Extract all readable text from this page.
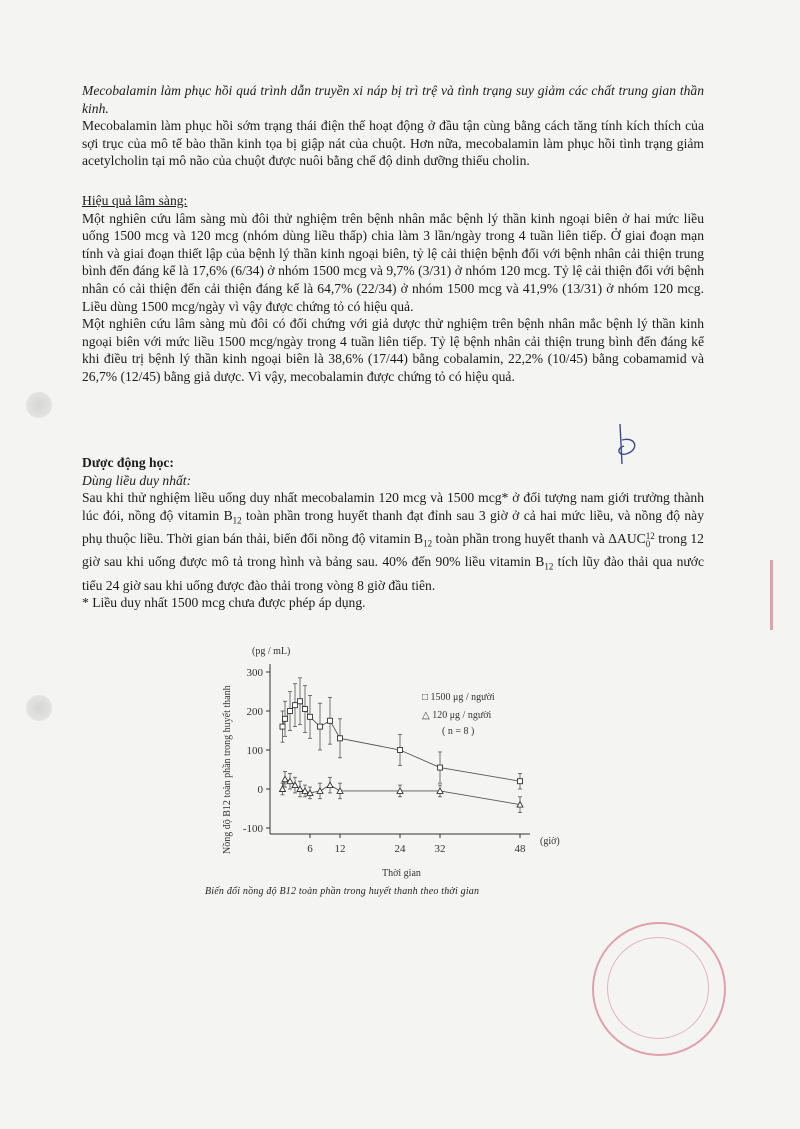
Mecobalamin làm phục hồi quá trình dẫn truyền xi náp bị trì trệ và tình trạng suy giảm các chất trung gian thần kinh.

Mecobalamin làm phục hồi sớm trạng thái điện thế hoạt động ở đầu tận cùng bằng cách tăng tính kích thích của sợi trục của mô tế bào thần kinh tọa bị giập nát của chuột. Hơn nữa, mecobalamin làm phục hồi tình trạng giảm acetylcholin tại mô não của chuột được nuôi bằng chế độ dinh dưỡng thiếu cholin.

Hiệu quả lâm sàng:

Một nghiên cứu lâm sàng mù đôi thử nghiệm trên bệnh nhân mắc bệnh lý thần kinh ngoại biên ở hai mức liều uống 1500 mcg và 120 mcg (nhóm dùng liều thấp) chia làm 3 lần/ngày trong 4 tuần liên tiếp. Ở giai đoạn mạn tính và giai đoạn thiết lập của bệnh lý thần kinh ngoại biên, tỷ lệ cải thiện bệnh đối với bệnh nhân cải thiện trung bình đến đáng kể là 17,6% (6/34) ở nhóm 1500 mcg và 9,7% (3/31) ở nhóm 120 mcg. Tỷ lệ cải thiện đối với bệnh nhân có cải thiện đến cải thiện đáng kể là 64,7% (22/34) ở nhóm 1500 mcg và 41,9% (13/31) ở nhóm 120 mcg. Liều dùng 1500 mcg/ngày vì vậy được chứng tỏ có hiệu quả.

Một nghiên cứu lâm sàng mù đôi có đối chứng với giả dược thử nghiệm trên bệnh nhân mắc bệnh lý thần kinh ngoại biên với mức liều 1500 mcg/ngày trong 4 tuần liên tiếp. Tỷ lệ bệnh nhân cải thiện trung bình đến đáng kể khi điều trị bệnh lý thần kinh ngoại biên là 38,6% (17/44) bằng cobalamin, 22,2% (10/45) bằng cobamamid và 26,7% (12/45) bằng giả dược. Vì vậy, mecobalamin được chứng tỏ có hiệu quả.

Dược động học:

Dùng liều duy nhất:

Sau khi thử nghiệm liều uống duy nhất mecobalamin 120 mcg và 1500 mcg* ở đối tượng nam giới trưởng thành lúc đói, nồng độ vitamin $B_{12}$ toàn phần trong huyết thanh đạt đỉnh sau 3 giờ ở cả hai mức liều, và nồng độ này phụ thuộc liều. Thời gian bán thải, biến đổi nồng độ vitamin $B_{12}$ toàn phần trong huyết thanh và ΔAUC 12
0 trong 12 giờ sau khi uống được mô tả trong hình và bảng sau. 40% đến 90% liều vitamin $B_{12}$ tích lũy đào thải qua nước tiểu 24 giờ sau khi uống được đào thải trong vòng 8 giờ đầu tiên.

* Liều duy nhất 1500 mcg chưa được phép áp dụng.

Nồng độ B12 toàn phần trong huyết thanh
(pg / mL)
(giờ)
Thời gian
□ 1500 μg / người
△ 120 μg / người
( n = 8 )
-100
0
100
200
300
6 12	24	32	48
Biến đổi nồng độ B12 toàn phần trong huyết thanh theo thời gian
